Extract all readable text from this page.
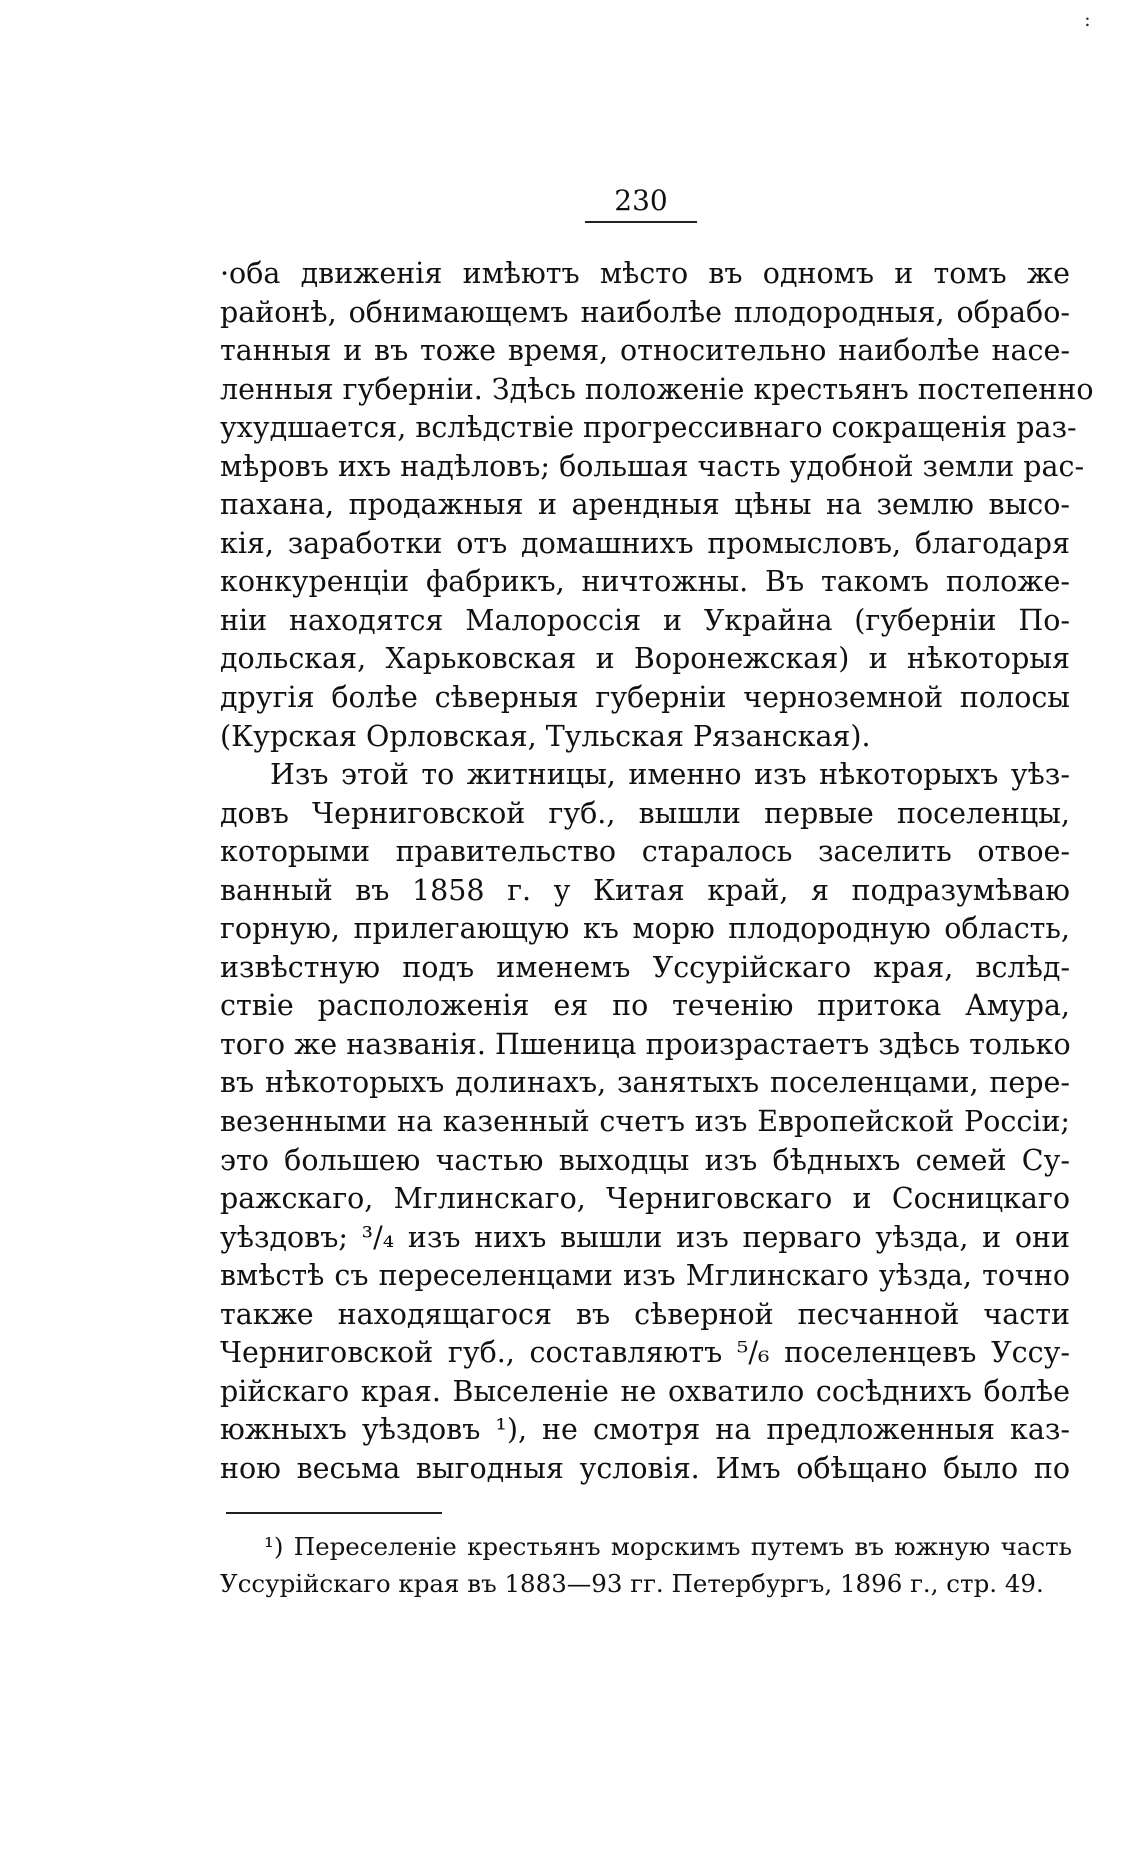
:
230
·оба движенія имѣютъ мѣсто въ одномъ и томъ же
районѣ, обнимающемъ наиболѣе плодородныя, обрабо-
танныя и въ тоже время, относительно наиболѣе насе-
ленныя губерніи. Здѣсь положеніе крестьянъ постепенно
ухудшается, вслѣдствіе прогрессивнаго сокращенія раз-
мѣровъ ихъ надѣловъ; большая часть удобной земли рас-
пахана, продажныя и арендныя цѣны на землю высо-
кія, заработки отъ домашнихъ промысловъ, благодаря
конкуренціи фабрикъ, ничтожны. Въ такомъ положе-
ніи находятся Малороссія и Украйна (губерніи По-
дольская, Харьковская и Воронежская) и нѣкоторыя
другія болѣе сѣверныя губерніи черноземной полосы
(Курская Орловская, Тульская Рязанская).
Изъ этой то житницы, именно изъ нѣкоторыхъ уѣз-
довъ Черниговской губ., вышли первые поселенцы,
которыми правительство старалось заселить отвое-
ванный въ 1858 г. у Китая край, я подразумѣваю
горную, прилегающую къ морю плодородную область,
извѣстную подъ именемъ Уссурійскаго края, вслѣд-
ствіе расположенія ея по теченію притока Амура,
того же названія. Пшеница произрастаетъ здѣсь только
въ нѣкоторыхъ долинахъ, занятыхъ поселенцами, пере-
везенными на казенный счетъ изъ Европейской Россіи;
это большею частью выходцы изъ бѣдныхъ семей Су-
ражскаго, Мглинскаго, Черниговскаго и Сосницкаго
уѣздовъ; ³/₄ изъ нихъ вышли изъ перваго уѣзда, и они
вмѣстѣ съ переселенцами изъ Мглинскаго уѣзда, точно
также находящагося въ сѣверной песчанной части
Черниговской губ., составляютъ ⁵/₆ поселенцевъ Уссу-
рійскаго края. Выселеніе не охватило сосѣднихъ болѣе
южныхъ уѣздовъ ¹), не смотря на предложенныя каз-
ною весьма выгодныя условія. Имъ обѣщано было по
¹) Переселеніе крестьянъ морскимъ путемъ въ южную часть
Уссурійскаго края въ 1883—93 гг. Петербургъ, 1896 г., стр. 49.
